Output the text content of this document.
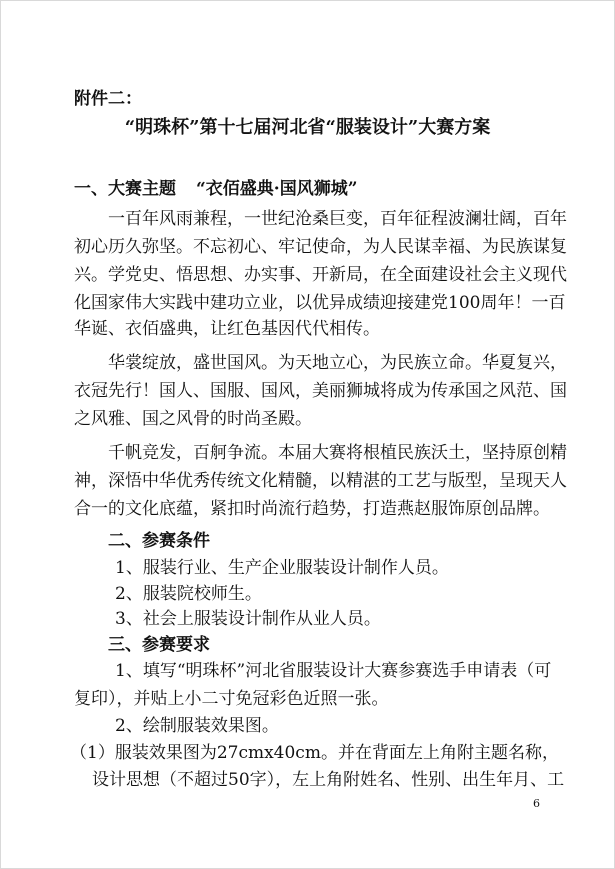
附件二：
“明珠杯”第十七届河北省“服装设计”大赛方案
一、大赛主题 “衣佰盛典·国风狮城”
一百年风雨兼程，一世纪沧桑巨变，百年征程波澜壮阔，百年
初心历久弥坚。不忘初心、牢记使命，为人民谋幸福、为民族谋复
兴。学党史、悟思想、办实事、开新局，在全面建设社会主义现代
化国家伟大实践中建功立业，以优异成绩迎接建党100周年！一百
华诞、衣佰盛典，让红色基因代代相传。
华裳绽放，盛世国风。为天地立心，为民族立命。华夏复兴，
衣冠先行！国人、国服、国风，美丽狮城将成为传承国之风范、国
之风雅、国之风骨的时尚圣殿。
千帆竞发，百舸争流。本届大赛将根植民族沃土，坚持原创精
神，深悟中华优秀传统文化精髓，以精湛的工艺与版型，呈现天人
合一的文化底蕴，紧扣时尚流行趋势，打造燕赵服饰原创品牌。
二、参赛条件
1、服装行业、生产企业服装设计制作人员。
2、服装院校师生。
3、社会上服装设计制作从业人员。
三、参赛要求
1、填写“明珠杯”河北省服装设计大赛参赛选手申请表（可
复印），并贴上小二寸免冠彩色近照一张。
2、绘制服装效果图。
（1）服装效果图为27cmx40cm。并在背面左上角附主题名称，
设计思想（不超过50字），左上角附姓名、性别、出生年月、工
6
